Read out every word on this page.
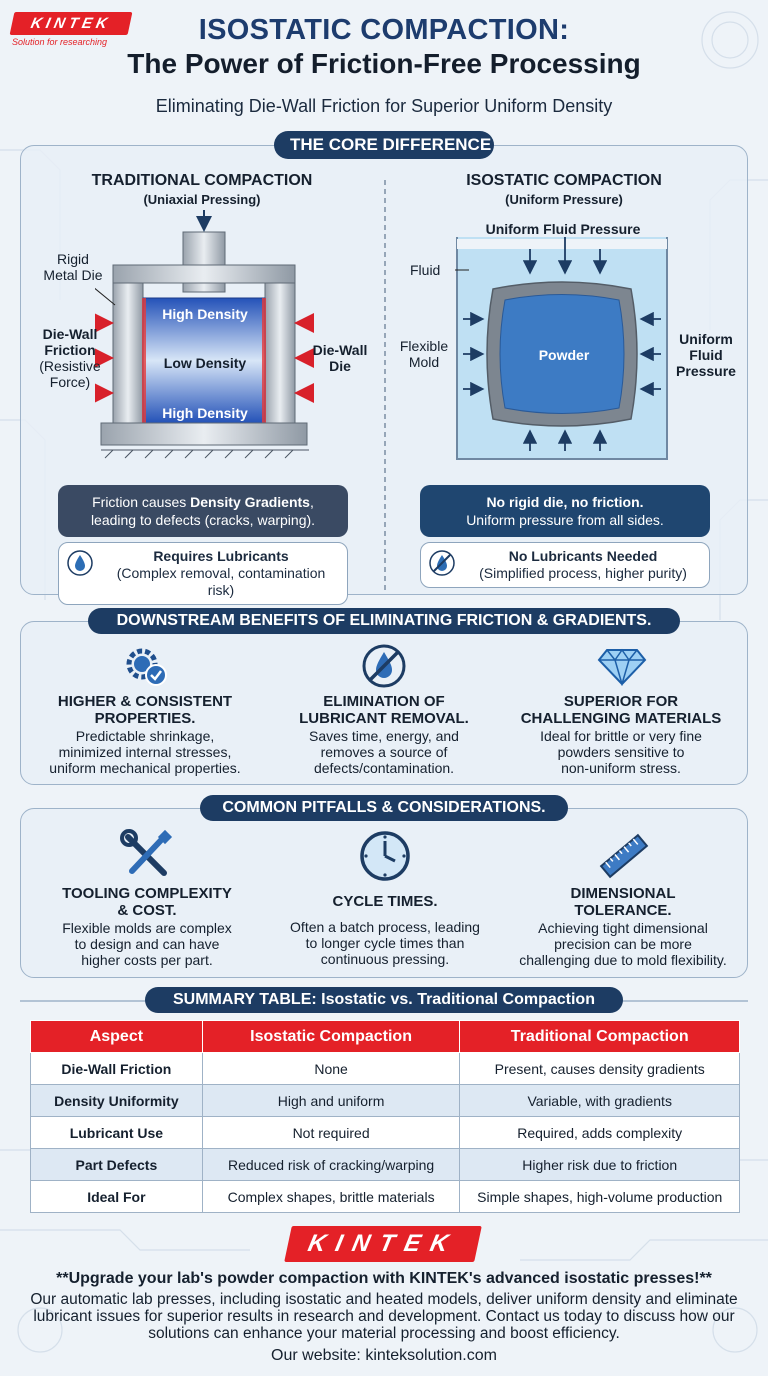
KINTEK
Solution for researching	ISOSTATIC COMPACTION:
The Power of Friction-Free Processing
Eliminating Die-Wall Friction for Superior Uniform Density
THE CORE DIFFERENCE
TRADITIONAL COMPACTION
(Uniaxial Pressing)
High Density
Low Density
High Density
Rigid
Metal Die
Die-Wall
Friction
(Resistive
Force)
Die-Wall
Die
Friction causes Density Gradients,
leading to defects (cracks, warping).
Requires Lubricants
(Complex removal, contamination risk)
ISOSTATIC COMPACTION
(Uniform Pressure)
Uniform Fluid Pressure
Powder
Fluid
Flexible
Mold
Uniform
Fluid
Pressure
No rigid die, no friction.
Uniform pressure from all sides.
No Lubricants Needed
(Simplified process, higher purity)
DOWNSTREAM BENEFITS OF ELIMINATING FRICTION & GRADIENTS.
HIGHER & CONSISTENT
PROPERTIES.
Predictable shrinkage,
minimized internal stresses,
uniform mechanical properties.
ELIMINATION OF
LUBRICANT REMOVAL.
Saves time, energy, and
removes a source of
defects/contamination.
SUPERIOR FOR
CHALLENGING MATERIALS
Ideal for brittle or very fine
powders sensitive to
non-uniform stress.
COMMON PITFALLS & CONSIDERATIONS.
TOOLING COMPLEXITY
& COST.
Flexible molds are complex
to design and can have
higher costs per part.
CYCLE TIMES.
Often a batch process, leading
to longer cycle times than
continuous pressing.
DIMENSIONAL
TOLERANCE.
Achieving tight dimensional
precision can be more
challenging due to mold flexibility.
SUMMARY TABLE: Isostatic vs. Traditional Compaction
Aspect	Isostatic Compaction	Traditional Compaction
Die-Wall Friction	None	Present, causes density gradients
Density Uniformity	High and uniform	Variable, with gradients
Lubricant Use	Not required	Required, adds complexity
Part Defects	Reduced risk of cracking/warping	Higher risk due to friction
Ideal For	Complex shapes, brittle materials	Simple shapes, high-volume production
KINTEK
**Upgrade your lab's powder compaction with KINTEK's advanced isostatic presses!**
Our automatic lab presses, including isostatic and heated models, deliver uniform density and eliminate lubricant issues for superior results in research and development. Contact us today to discuss how our solutions can enhance your material processing and boost efficiency.
Our website: kinteksolution.com
